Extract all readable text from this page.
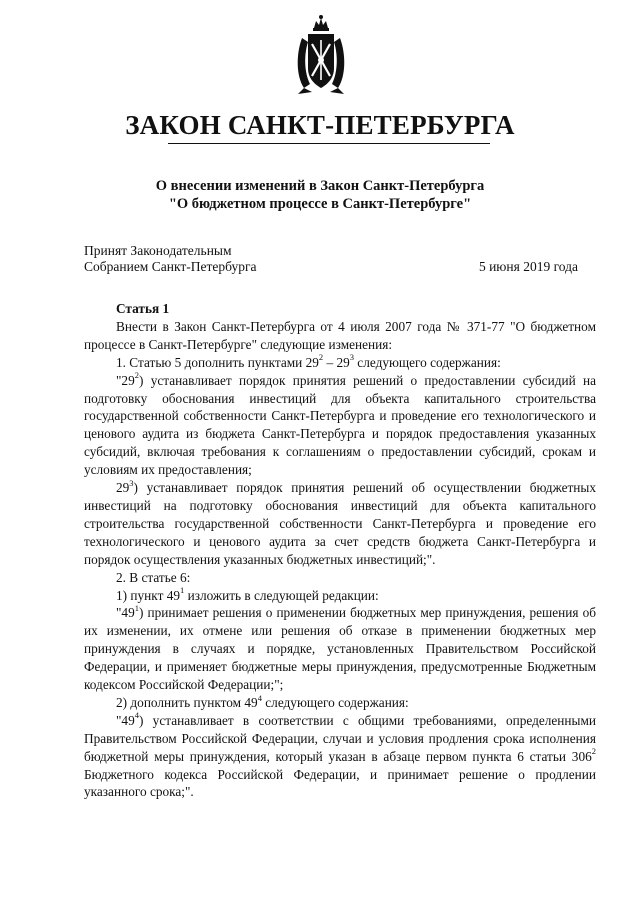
ЗАКОН САНКТ-ПЕТЕРБУРГА
О внесении изменений в Закон Санкт-Петербурга
"О бюджетном процессе в Санкт-Петербурге"
Принят Законодательным
Собранием Санкт-Петербурга	5 июня 2019 года

Статья 1

Внести в Закон Санкт-Петербурга от 4 июля 2007 года № 371-77 "О бюджетном процессе в Санкт-Петербурге" следующие изменения:

1. Статью 5 дополнить пунктами $29^2 - 29^3$ следующего содержания:

"$29^2$) устанавливает порядок принятия решений о предоставлении субсидий на подготовку обоснования инвестиций для объекта капитального строительства государственной собственности Санкт-Петербурга и проведение его технологического и ценового аудита из бюджета Санкт-Петербурга и порядок предоставления указанных субсидий, включая требования к соглашениям о предоставлении субсидий, срокам и условиям их предоставления;

$29^3$) устанавливает порядок принятия решений об осуществлении бюджетных инвестиций на подготовку обоснования инвестиций для объекта капитального строительства государственной собственности Санкт-Петербурга и проведение его технологического и ценового аудита за счет средств бюджета Санкт-Петербурга и порядок осуществления указанных бюджетных инвестиций;".

2. В статье 6:

1) пункт $49^1$ изложить в следующей редакции:

"$49^1$) принимает решения о применении бюджетных мер принуждения, решения об их изменении, их отмене или решения об отказе в применении бюджетных мер принуждения в случаях и порядке, установленных Правительством Российской Федерации, и применяет бюджетные меры принуждения, предусмотренные Бюджетным кодексом Российской Федерации;";

2) дополнить пунктом $49^4$ следующего содержания:

"$49^4$) устанавливает в соответствии с общими требованиями, определенными Правительством Российской Федерации, случаи и условия продления срока исполнения бюджетной меры принуждения, который указан в абзаце первом пункта 6 статьи $306^2$ Бюджетного кодекса Российской Федерации, и принимает решение о продлении указанного срока;".
